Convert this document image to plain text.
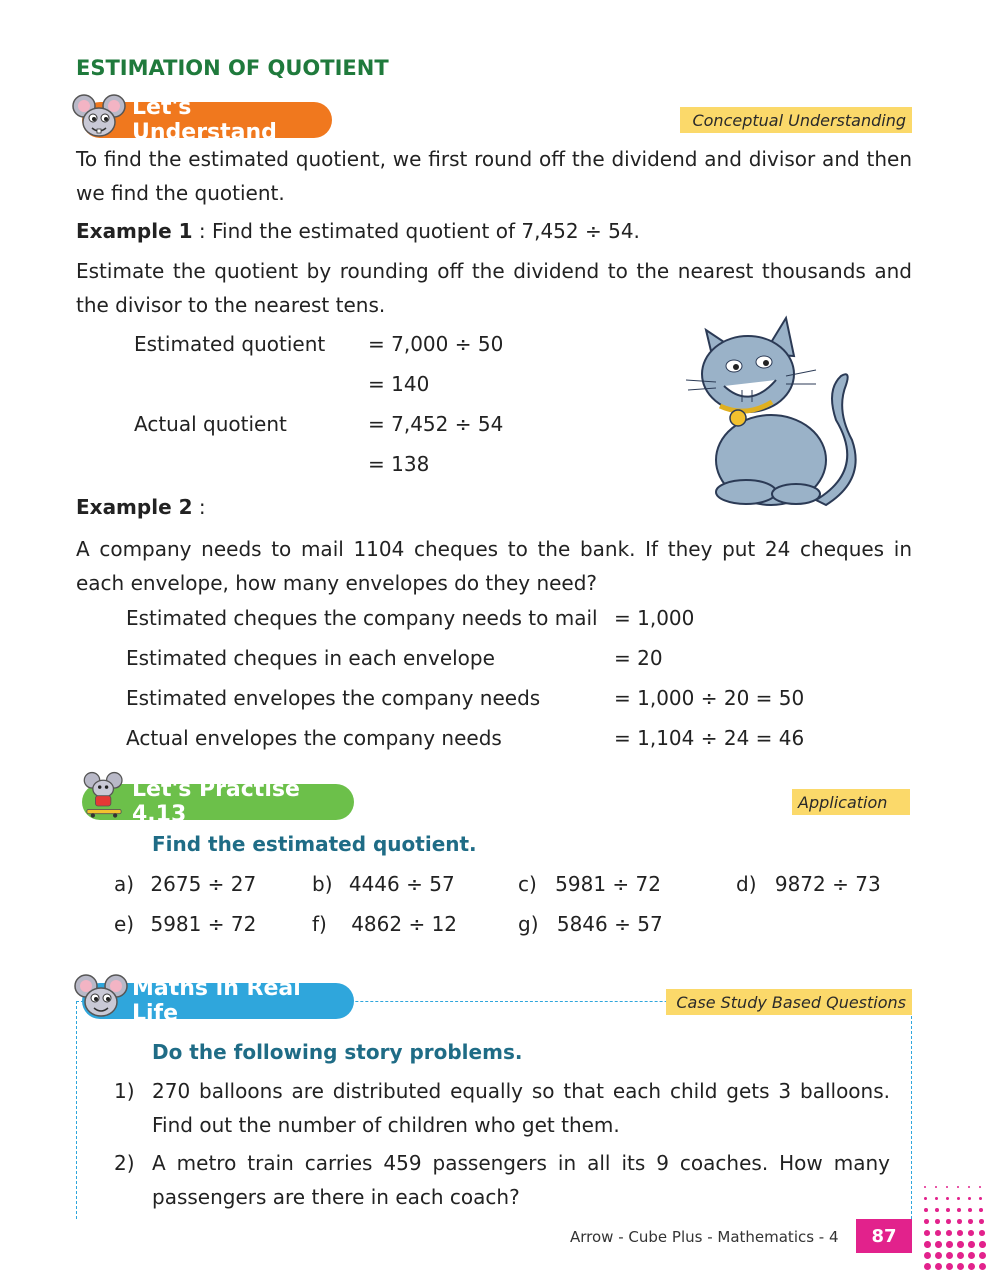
ESTIMATION OF QUOTIENT
Let's Understand	Conceptual Understanding
To find the estimated quotient, we first round off the dividend and divisor and then we find the quotient.
Example 1 : Find the estimated quotient of 7,452 ÷ 54.
Estimate the quotient by rounding off the dividend to the nearest thousands and the divisor to the nearest tens.
Estimated quotient = 7,000 ÷ 50
= 140
Actual quotient	= 7,452 ÷ 54
= 138
Example 2 :
A company needs to mail 1104 cheques to the bank. If they put 24 cheques in each envelope, how many envelopes do they need?
Estimated cheques the company needs to mail = 1,000
Estimated cheques in each envelope	= 20
Estimated envelopes the company needs	= 1,000 ÷ 20 = 50
Actual envelopes the company needs	= 1,104 ÷ 24 = 46
Let's Practise 4.13	Application
Find the estimated quotient.
a) 2675 ÷ 27	b) 4446 ÷ 57	c) 5981 ÷ 72	d) 9872 ÷ 73
e) 5981 ÷ 72	f) 4862 ÷ 12	g) 5846 ÷ 57
Maths in Real Life	Case Study Based Questions
Do the following story problems.
1) 270 balloons are distributed equally so that each child gets 3 balloons. Find out the number of children who get them.
2) A metro train carries 459 passengers in all its 9 coaches. How many passengers are there in each coach?
Arrow - Cube Plus - Mathematics - 4 87
